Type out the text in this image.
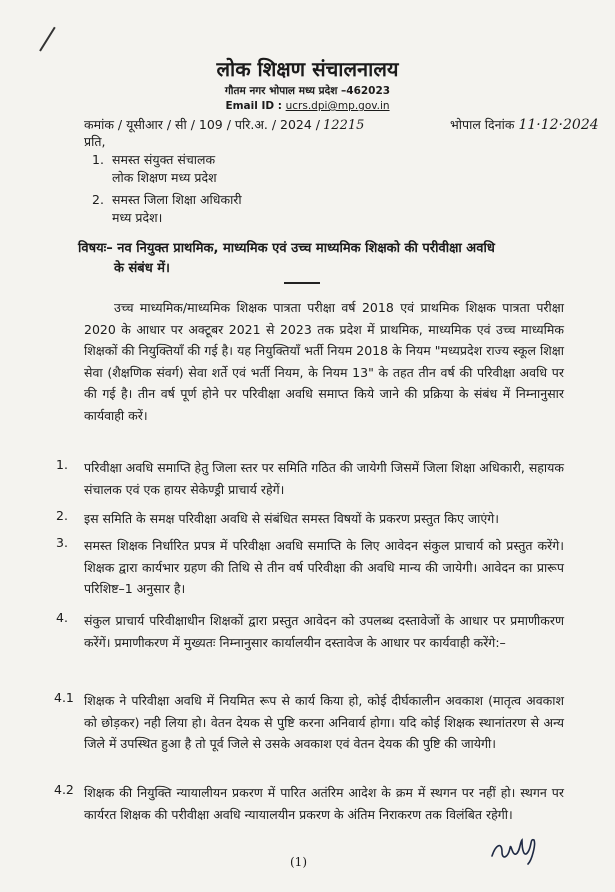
लोक शिक्षण संचालनालय
गौतम नगर भोपाल मध्य प्रदेश –462023
Email ID : ucrs.dpi@mp.gov.in
कमांक / यूसीआर / सी / 109 / परि.अ. / 2024 / 12215	भोपाल दिनांक 11·12·2024
प्रति,
1. समस्त संयुक्त संचालक
लोक शिक्षण मध्य प्रदेश
2. समस्त जिला शिक्षा अधिकारी
मध्य प्रदेश।
विषयः– नव नियुक्त प्राथमिक, माध्यमिक एवं उच्च माध्यमिक शिक्षको की परीवीक्षा अवधि
के संबंध में।
उच्च माध्यमिक/माध्यमिक शिक्षक पात्रता परीक्षा वर्ष 2018 एवं प्राथमिक शिक्षक पात्रता परीक्षा 2020 के आधार पर अक्टूबर 2021 से 2023 तक प्रदेश में प्राथमिक, माध्यमिक एवं उच्च माध्यमिक शिक्षकों की नियुक्तियॉं की गई है। यह नियुक्तियॉं भर्ती नियम 2018 के नियम "मध्यप्रदेश राज्य स्कूल शिक्षा सेवा (शैक्षणिक संवर्ग) सेवा शर्ते एवं भर्ती नियम, के नियम 13" के तहत तीन वर्ष की परिवीक्षा अवधि पर की गई है। तीन वर्ष पूर्ण होने पर परिवीक्षा अवधि समाप्त किये जाने की प्रक्रिया के संबंध में निम्नानुसार कार्यवाही करें।
1. परिवीक्षा अवधि समाप्ति हेतु जिला स्तर पर समिति गठित की जायेगी जिसमें जिला शिक्षा अधिकारी, सहायक संचालक एवं एक हायर सेकेण्ड्री प्राचार्य रहेगें।
2. इस समिति के समक्ष परिवीक्षा अवधि से संबंधित समस्त विषयों के प्रकरण प्रस्तुत किए जाएंगे।
3. समस्त शिक्षक निर्धारित प्रपत्र में परिवीक्षा अवधि समाप्ति के लिए आवेदन संकुल प्राचार्य को प्रस्तुत करेंगे। शिक्षक द्वारा कार्यभार ग्रहण की तिथि से तीन वर्ष परिवीक्षा की अवधि मान्य की जायेगी। आवेदन का प्रारूप परिशिष्ट–1 अनुसार है।
4. संकुल प्राचार्य परिवीक्षाधीन शिक्षकों द्वारा प्रस्तुत आवेदन को उपलब्ध दस्तावेजों के आधार पर प्रमाणीकरण करेंगें। प्रमाणीकरण में मुख्यतः निम्नानुसार कार्यालयीन दस्तावेज के आधार पर कार्यवाही करेंगे:–
4.1 शिक्षक ने परिवीक्षा अवधि में नियमित रूप से कार्य किया हो, कोई दीर्घकालीन अवकाश (मातृत्व अवकाश को छोड़कर) नही लिया हो। वेतन देयक से पुष्टि करना अनिवार्य होगा। यदि कोई शिक्षक स्थानांतरण से अन्य जिले में उपस्थित हुआ है तो पूर्व जिले से उसके अवकाश एवं वेतन देयक की पुष्टि की जायेगी।
4.2 शिक्षक की नियुक्ति न्यायालीयन प्रकरण में पारित अतंरिम आदेश के क्रम में स्थगन पर नहीं हो। स्थगन पर कार्यरत शिक्षक की परीवीक्षा अवधि न्यायालयीन प्रकरण के अंतिम निराकरण तक विलंबित रहेगी।
(1)
